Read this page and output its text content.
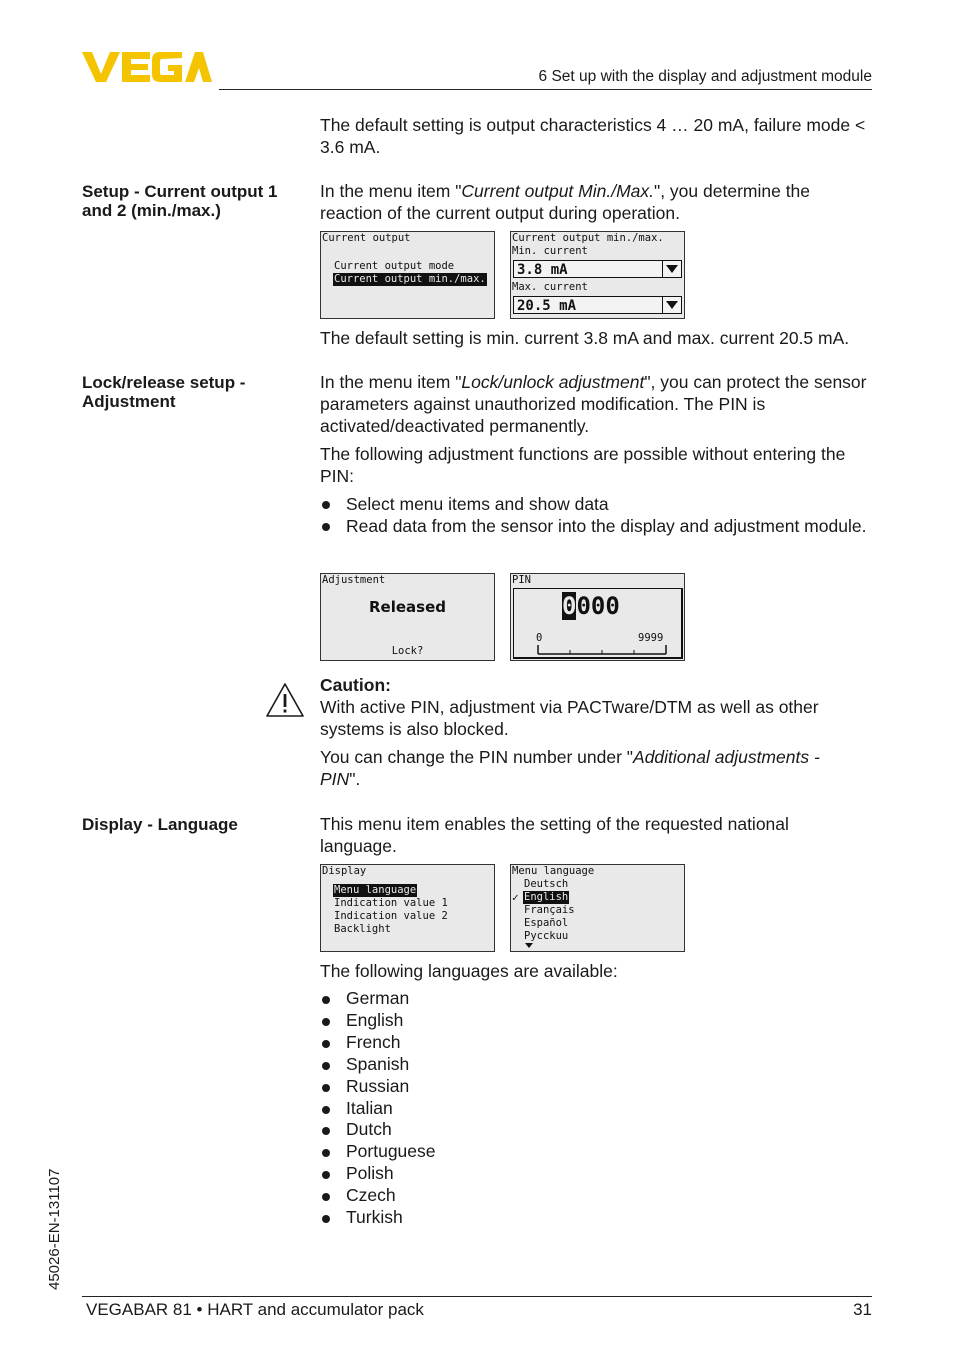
6 Set up with the display and adjustment module
The default setting is output characteristics 4 … 20 mA, failure mode < 3.6 mA.
Setup - Current output 1 and 2 (min./max.)
In the menu item "Current output Min./Max.", you determine the reaction of the current output during operation.
Current output
Current output mode
Current output min./max.
Current output min./max.
Min. current
3.8 mA
Max. current
20.5 mA
The default setting is min. current 3.8 mA and max. current 20.5 mA.
Lock/release setup - Adjustment
In the menu item "Lock/unlock adjustment", you can protect the sensor parameters against unauthorized modification. The PIN is activated/deactivated permanently.
The following adjustment functions are possible without entering the PIN:
Select menu items and show data
Read data from the sensor into the display and adjustment module.
Adjustment
Released
Lock?
PIN
0000
0	9999
Caution:
With active PIN, adjustment via PACTware/DTM as well as other systems is also blocked.
You can change the PIN number under "Additional adjustments - PIN".
Display - Language	This menu item enables the setting of the requested national language.
Display
Menu language
Indication value 1
Indication value 2
Backlight
Menu language
Deutsch
✓ English
Français
Español
Pycckuu
The following languages are available:
German
English
French
Spanish
Russian
Italian
Dutch
Portuguese
Polish
Czech
Turkish
45026-EN-131107
VEGABAR 81 • HART and accumulator pack	31
